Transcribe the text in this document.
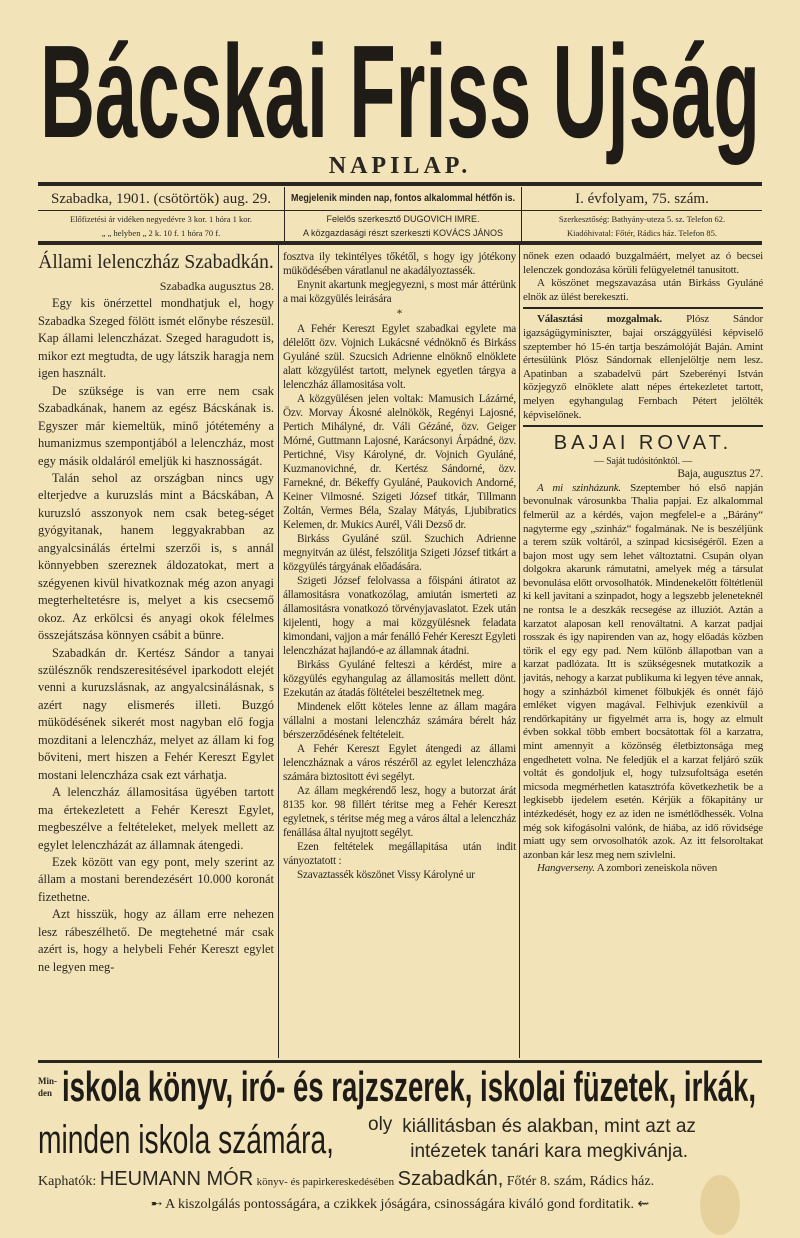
Bácskai Friss Ujság
NAPILAP.
Szabadka, 1901. (csötörtök) aug. 29.	Megjelenik minden nap, fontos alkalommal hétfőn is.	I. évfolyam, 75. szám.
Előfizetési ár vidéken negyedévre 3 kor. 1 hóra 1 kor.
„ „ helyben „ 2 k. 10 f. 1 hóra 70 f.
Felelős szerkesztő DUGOVICH IMRE.
A közgazdasági részt szerkeszti KOVÁCS JÁNOS
Szerkesztőség: Bathyány-uteza 5. sz. Telefon 62.
Kiadóhivatal: Főtér, Rádics ház. Telefon 85.
Állami lelenczház Szabadkán.
Szabadka augusztus 28.

Egy kis önérzettel mondhatjuk el, hogy Szabadka Szeged fölött ismét előnybe részesül. Kap állami lelenczházat. Szeged haragudott is, mikor ezt megtudta, de ugy látszik haragja nem igen használt.

De szüksége is van erre nem csak Szabadkának, hanem az egész Bácskának is. Egyszer már kiemeltük, minő jótétemény a humanizmus szempontjából a lelenczház, most egy másik oldaláról emeljük ki hasznosságát.

Talán sehol az országban nincs ugy elterjedve a kuruzslás mint a Bácskában, A kuruzsló asszonyok nem csak beteg-séget gyógyitanak, hanem leggyakrabban az angyalcsinálás értelmi szerzői is, s annál könnyebben szereznek áldozatokat, mert a szégyenen kivül hivatkoznak még azon anyagi megterheltetésre is, melyet a kis csecsemő okoz. Az erkölcsi és anyagi okok félelmes összejátszása könnyen csábit a bünre.

Szabadkán dr. Kertész Sándor a tanyai szülésznők rendszeresitésével iparkodott elejét venni a kuruzslásnak, az angyalcsinálásnak, s azért nagy elismerés illeti. Buzgó müködésének sikerét most nagyban elő fogja mozditani a lelenczház, melyet az állam ki fog bőviteni, mert hiszen a Fehér Kereszt Egylet mostani lelenczháza csak ezt várhatja.

A lelenczház államositása ügyében tartott ma értekezletett a Fehér Kereszt Egylet, megbeszélve a feltételeket, melyek mellett az egylet lelenczházát az államnak átengedi.

Ezek között van egy pont, mely szerint az állam a mostani berendezésért 10.000 koronát fizethetne.

Azt hisszük, hogy az állam erre nehezen lesz rábeszélhető. De megtehetné már csak azért is, hogy a helybeli Fehér Kereszt egylet ne legyen meg-

fosztva ily tekintélyes tőkétől, s hogy igy jótékony müködésében váratlanul ne akadályoztassék.

Enynit akartunk megjegyezni, s most már áttérünk a mai közgyülés leirására

*

A Fehér Kereszt Egylet szabadkai egylete ma délelőtt özv. Vojnich Lukácsné védnöknő és Birkáss Gyuláné szül. Szucsich Adrienne elnöknő elnöklete alatt közgyülést tartott, melynek egyetlen tárgya a lelenczház államositása volt.

A közgyülésen jelen voltak: Mamusich Lázárné, Özv. Morvay Ákosné alelnökök, Regényi Lajosné, Pertich Mihályné, dr. Váli Gézáné, özv. Geiger Mórné, Guttmann Lajosné, Karácsonyi Árpádné, özv. Pertichné, Visy Károlyné, dr. Vojnich Gyuláné, Kuzmanovichné, dr. Kertész Sándorné, özv. Farnekné, dr. Békeffy Gyuláné, Paukovich Andorné, Keiner Vilmosné. Szigeti József titkár, Tillmann Zoltán, Vermes Béla, Szalay Mátyás, Ljubibratics Kelemen, dr. Mukics Aurél, Váli Dezső dr.

Birkáss Gyuláné szül. Szuchich Adrienne megnyitván az ülést, felszólitja Szigeti József titkárt a közgyülés tárgyának előadására.

Szigeti József felolvassa a főispáni átiratot az államositásra vonatkozólag, amiután ismerteti az államositásra vonatkozó törvényjavaslatot. Ezek után kijelenti, hogy a mai közgyülésnek feladata kimondani, vajjon a már fenálló Fehér Kereszt Egyleti lelenczházat hajlandó-e az államnak átadni.

Birkáss Gyuláné felteszi a kérdést, mire a közgyülés egyhangulag az államositás mellett dönt. Ezekután az átadás föltételei beszéltetnek meg.

Mindenek előtt köteles lenne az állam magára vállalni a mostani lelenczház számára bérelt ház bérszerződésének feltételeit.

A Fehér Kereszt Egylet átengedi az állami lelenczháznak a város részéről az egylet lelenczháza számára biztositott évi segélyt.

Az állam megkérendő lesz, hogy a butorzat árát 8135 kor. 98 fillért téritse meg a Fehér Kereszt egyletnek, s téritse még meg a város által a lelenczház fenállása által nyujtott segélyt.

Ezen feltételek megállapitása után indit ványoztatott :

Szavaztassék köszönet Vissy Károlyné ur

nőnek ezen odaadó buzgalmáért, melyet az ó becsei lelenczek gondozása körüli felügyeletnél tanusitott.

A köszönet megszavazása után Birkáss Gyuláné elnök az ülést berekeszti.

Választási mozgalmak. Plósz Sándor igazságügyminiszter, bajai országgyülési képviselő szeptember hó 15-én tartja beszámolóját Baján. Amint értesülünk Plósz Sándornak ellenjelöltje nem lesz. Apatinban a szabadelvü párt Szeberényi István közjegyző elnöklete alatt népes értekezletet tartott, melyen egyhangulag Fernbach Pétert jelölték képviselőnek.

BAJAI ROVAT.
— Saját tudósitónktól. —
Baja, augusztus 27.

A mi szinházunk. Szeptember hó első napján bevonulnak városunkba Thalia papjai. Ez alkalommal felmerül az a kérdés, vajon megfelel-e a „Bárány“ nagyterme egy „szinház“ fogalmának. Ne is beszéljünk a terem szük voltáról, a szinpad kicsiségéről. Ezen a bajon most ugy sem lehet változtatni. Csupán olyan dolgokra akarunk rámutatni, amelyek még a társulat bevonulása előtt orvosolhatók. Mindenekelőtt föltétlenül ki kell javitani a szinpadot, hogy a legszebb jeleneteknél ne rontsa le a deszkák recsegése az illuziót. Aztán a karzatot alaposan kell renováltatni. A karzat padjai rosszak és igy napirenden van az, hogy előadás közben törik el egy egy pad. Nem különb állapotban van a karzat padlózata. Itt is szükségesnek mutatkozik a javitás, nehogy a karzat publikuma ki legyen téve annak, hogy a szinházból kimenet fölbukjék és onnét fájó emléket vigyen magával. Felhivjuk ezenkivül a rendőrkapitány ur figyelmét arra is, hogy az elmult évben sokkal több embert bocsátottak föl a karzatra, mint amennyit a közönség életbiztonsága meg engedhetett volna. Ne feledjük el a karzat feljáró szük voltát és gondoljuk el, hogy tulzsufoltsága esetén micsoda megmérhetlen katasztrófa következhetik be a legkisebb ijedelem esetén. Kérjük a főkapitány ur intézkedését, hogy ez az iden ne ismétlődhessék. Volna még sok kifogásolni valónk, de hiába, az idő rövidsége miatt ugy sem orvosolhatók azok. Az itt felsoroltakat azonban kár lesz meg nem szivlelni.

Hangverseny. A zombori zeneiskola növen

Min-
den iskola könyv, iró- és rajzszerek, iskolai füzetek, irkák,
minden iskola számára, oly kiállitásban és alakban, mint azt az
intézetek tanári kara megkivánja.
Kaphatók: HEUMANN MÓR könyv- és papirkereskedésében Szabadkán, Főtér 8. szám, Rádics ház.
➸ A kiszolgálás pontosságára, a czikkek jóságára, csinosságára kiváló gond forditatik. ⇜
